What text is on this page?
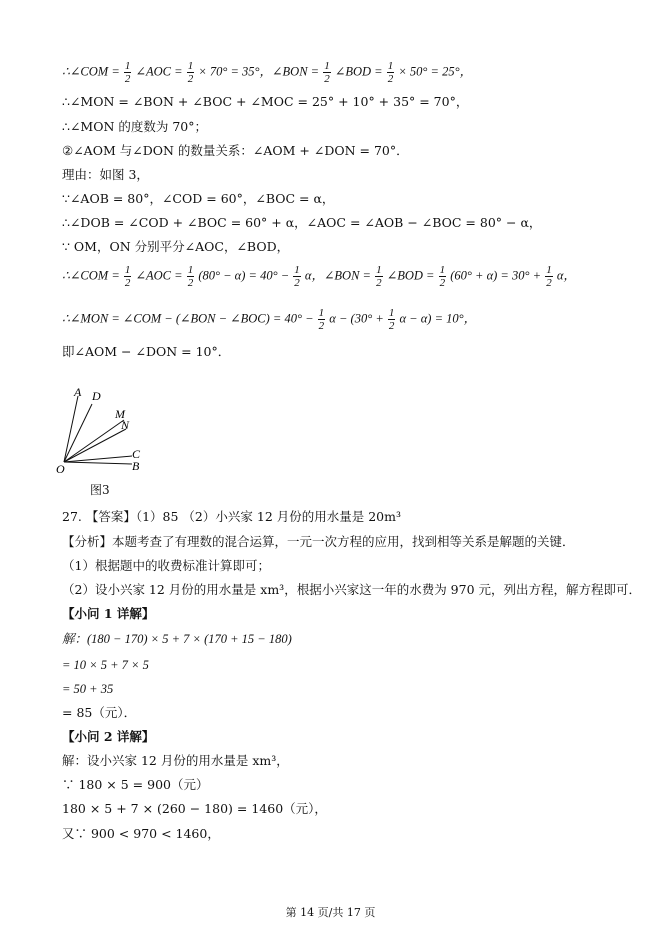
∴∠COM = $\frac{1}{2}$ ∠AOC = $\frac{1}{2} \times 70^\circ = 35^\circ$，∠BON = $\frac{1}{2}$ ∠BOD = $\frac{1}{2} \times 50^\circ = 25^\circ$，
∴∠MON = ∠BON + ∠BOC + ∠MOC = 25° + 10° + 35° = 70°，
∴∠MON 的度数为 70°；
②∠AOM 与∠DON 的数量关系：∠AOM + ∠DON = 70°．
理由：如图 3，
∵∠AOB = 80°，∠COD = 60°，∠BOC = α，
∴∠DOB = ∠COD + ∠BOC = 60° + α，∠AOC = ∠AOB − ∠BOC = 80° − α，
∵ OM，ON 分别平分∠AOC，∠BOD，
∴∠COM = $\frac{1}{2}$ ∠AOC = $\frac{1}{2} (80^\circ - \alpha) = 40^\circ - \frac{1}{2}$ α，∠BON = $\frac{1}{2}$ ∠BOD = $\frac{1}{2} (60^\circ + \alpha) = 30^\circ + \frac{1}{2}$ α，
∴∠MON = ∠COM − (∠BON − ∠BOC) = $40^\circ - \frac{1}{2}$ $\alpha - (30^\circ + \frac{1}{2}$ α − α) = 10°，
即∠AOM − ∠DON = 10°．
A D
M
N
C
B
O
图3
27. 【答案】（1）85 （2）小兴家 12 月份的用水量是 20m³
【分析】本题考查了有理数的混合运算，一元一次方程的应用，找到相等关系是解题的关键．
（1）根据题中的收费标准计算即可；
（2）设小兴家 12 月份的用水量是 xm³，根据小兴家这一年的水费为 970 元，列出方程，解方程即可．
【小问 1 详解】
解：(180 − 170) × 5 + 7 × (170 + 15 − 180)
= 10 × 5 + 7 × 5
= 50 + 35
= 85（元）．
【小问 2 详解】
解：设小兴家 12 月份的用水量是 xm³，
∵ 180 × 5 = 900（元）
180 × 5 + 7 × (260 − 180) = 1460（元），
又∵ 900 < 970 < 1460，
第 14 页/共 17 页
